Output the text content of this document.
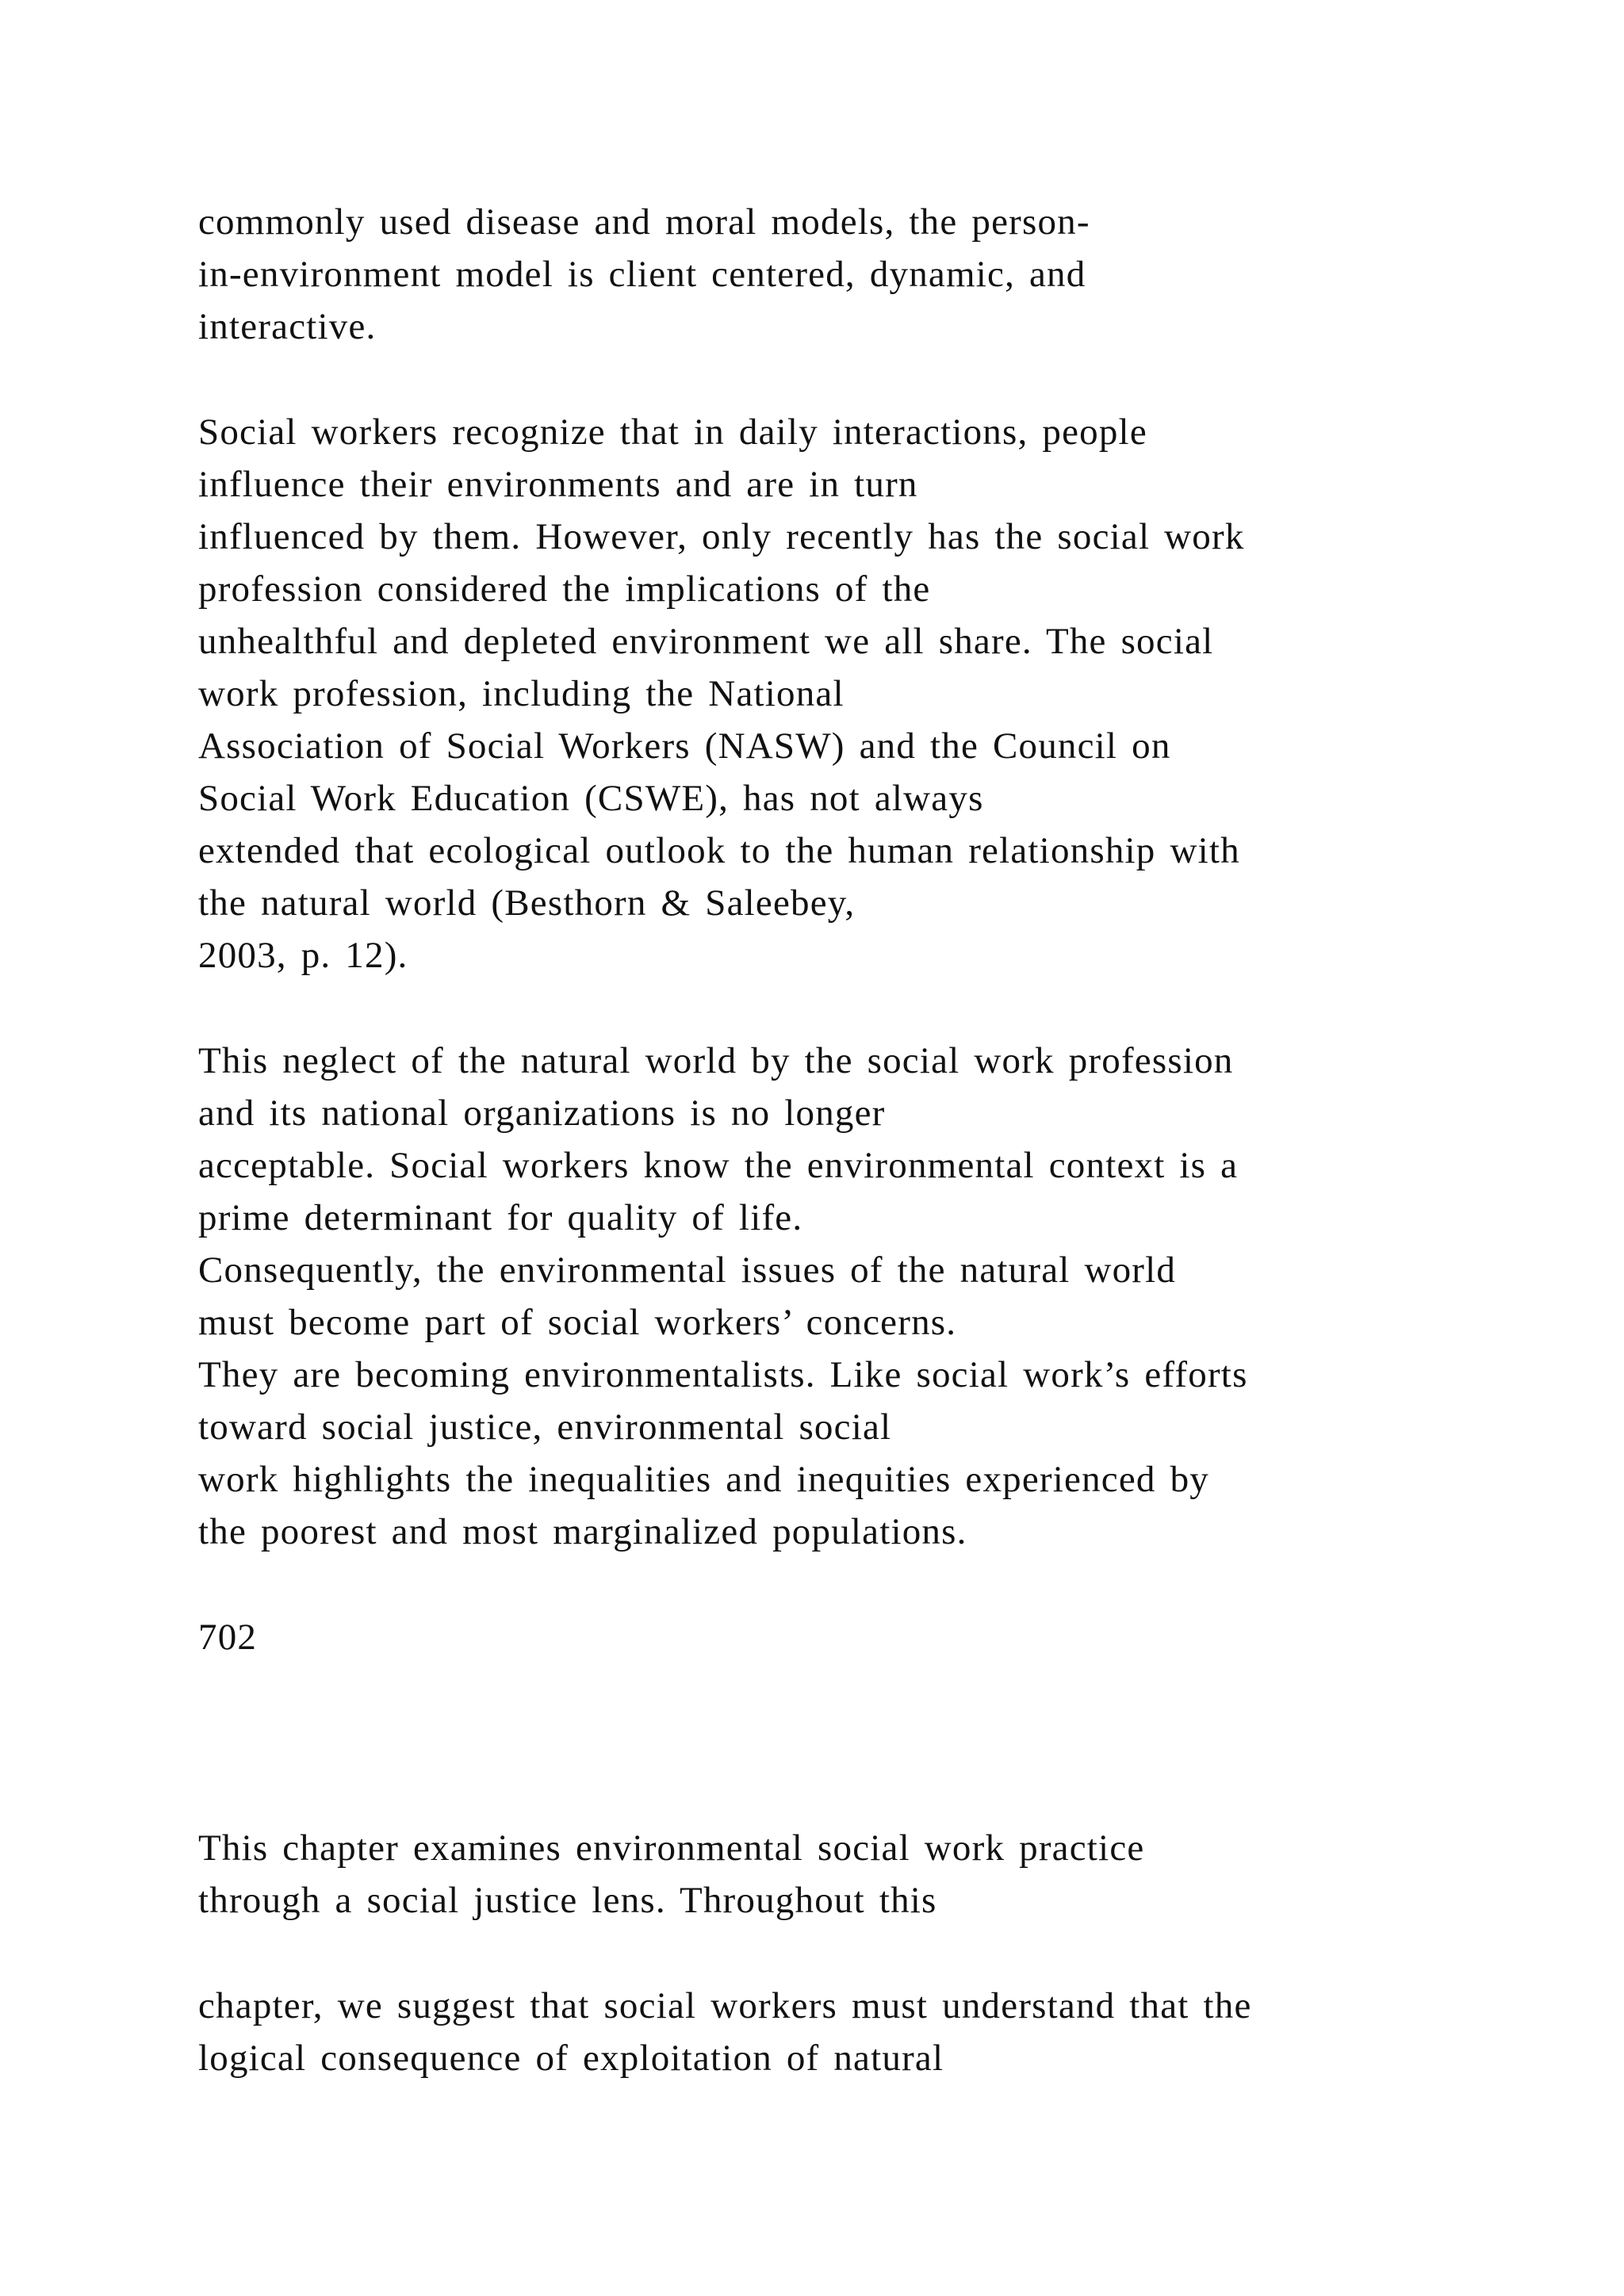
commonly used disease and moral models, the person-

in-environment model is client centered, dynamic, and

interactive.

Social workers recognize that in daily interactions, people

influence their environments and are in turn

influenced by them. However, only recently has the social work

profession considered the implications of the

unhealthful and depleted environment we all share. The social

work profession, including the National

Association of Social Workers (NASW) and the Council on

Social Work Education (CSWE), has not always

extended that ecological outlook to the human relationship with

the natural world (Besthorn & Saleebey,

2003, p. 12).

This neglect of the natural world by the social work profession

and its national organizations is no longer

acceptable. Social workers know the environmental context is a

prime determinant for quality of life.

Consequently, the environmental issues of the natural world

must become part of social workers’ concerns.

They are becoming environmentalists. Like social work’s efforts

toward social justice, environmental social

work highlights the inequalities and inequities experienced by

the poorest and most marginalized populations.

702

This chapter examines environmental social work practice

through a social justice lens. Throughout this

chapter, we suggest that social workers must understand that the

logical consequence of exploitation of natural
